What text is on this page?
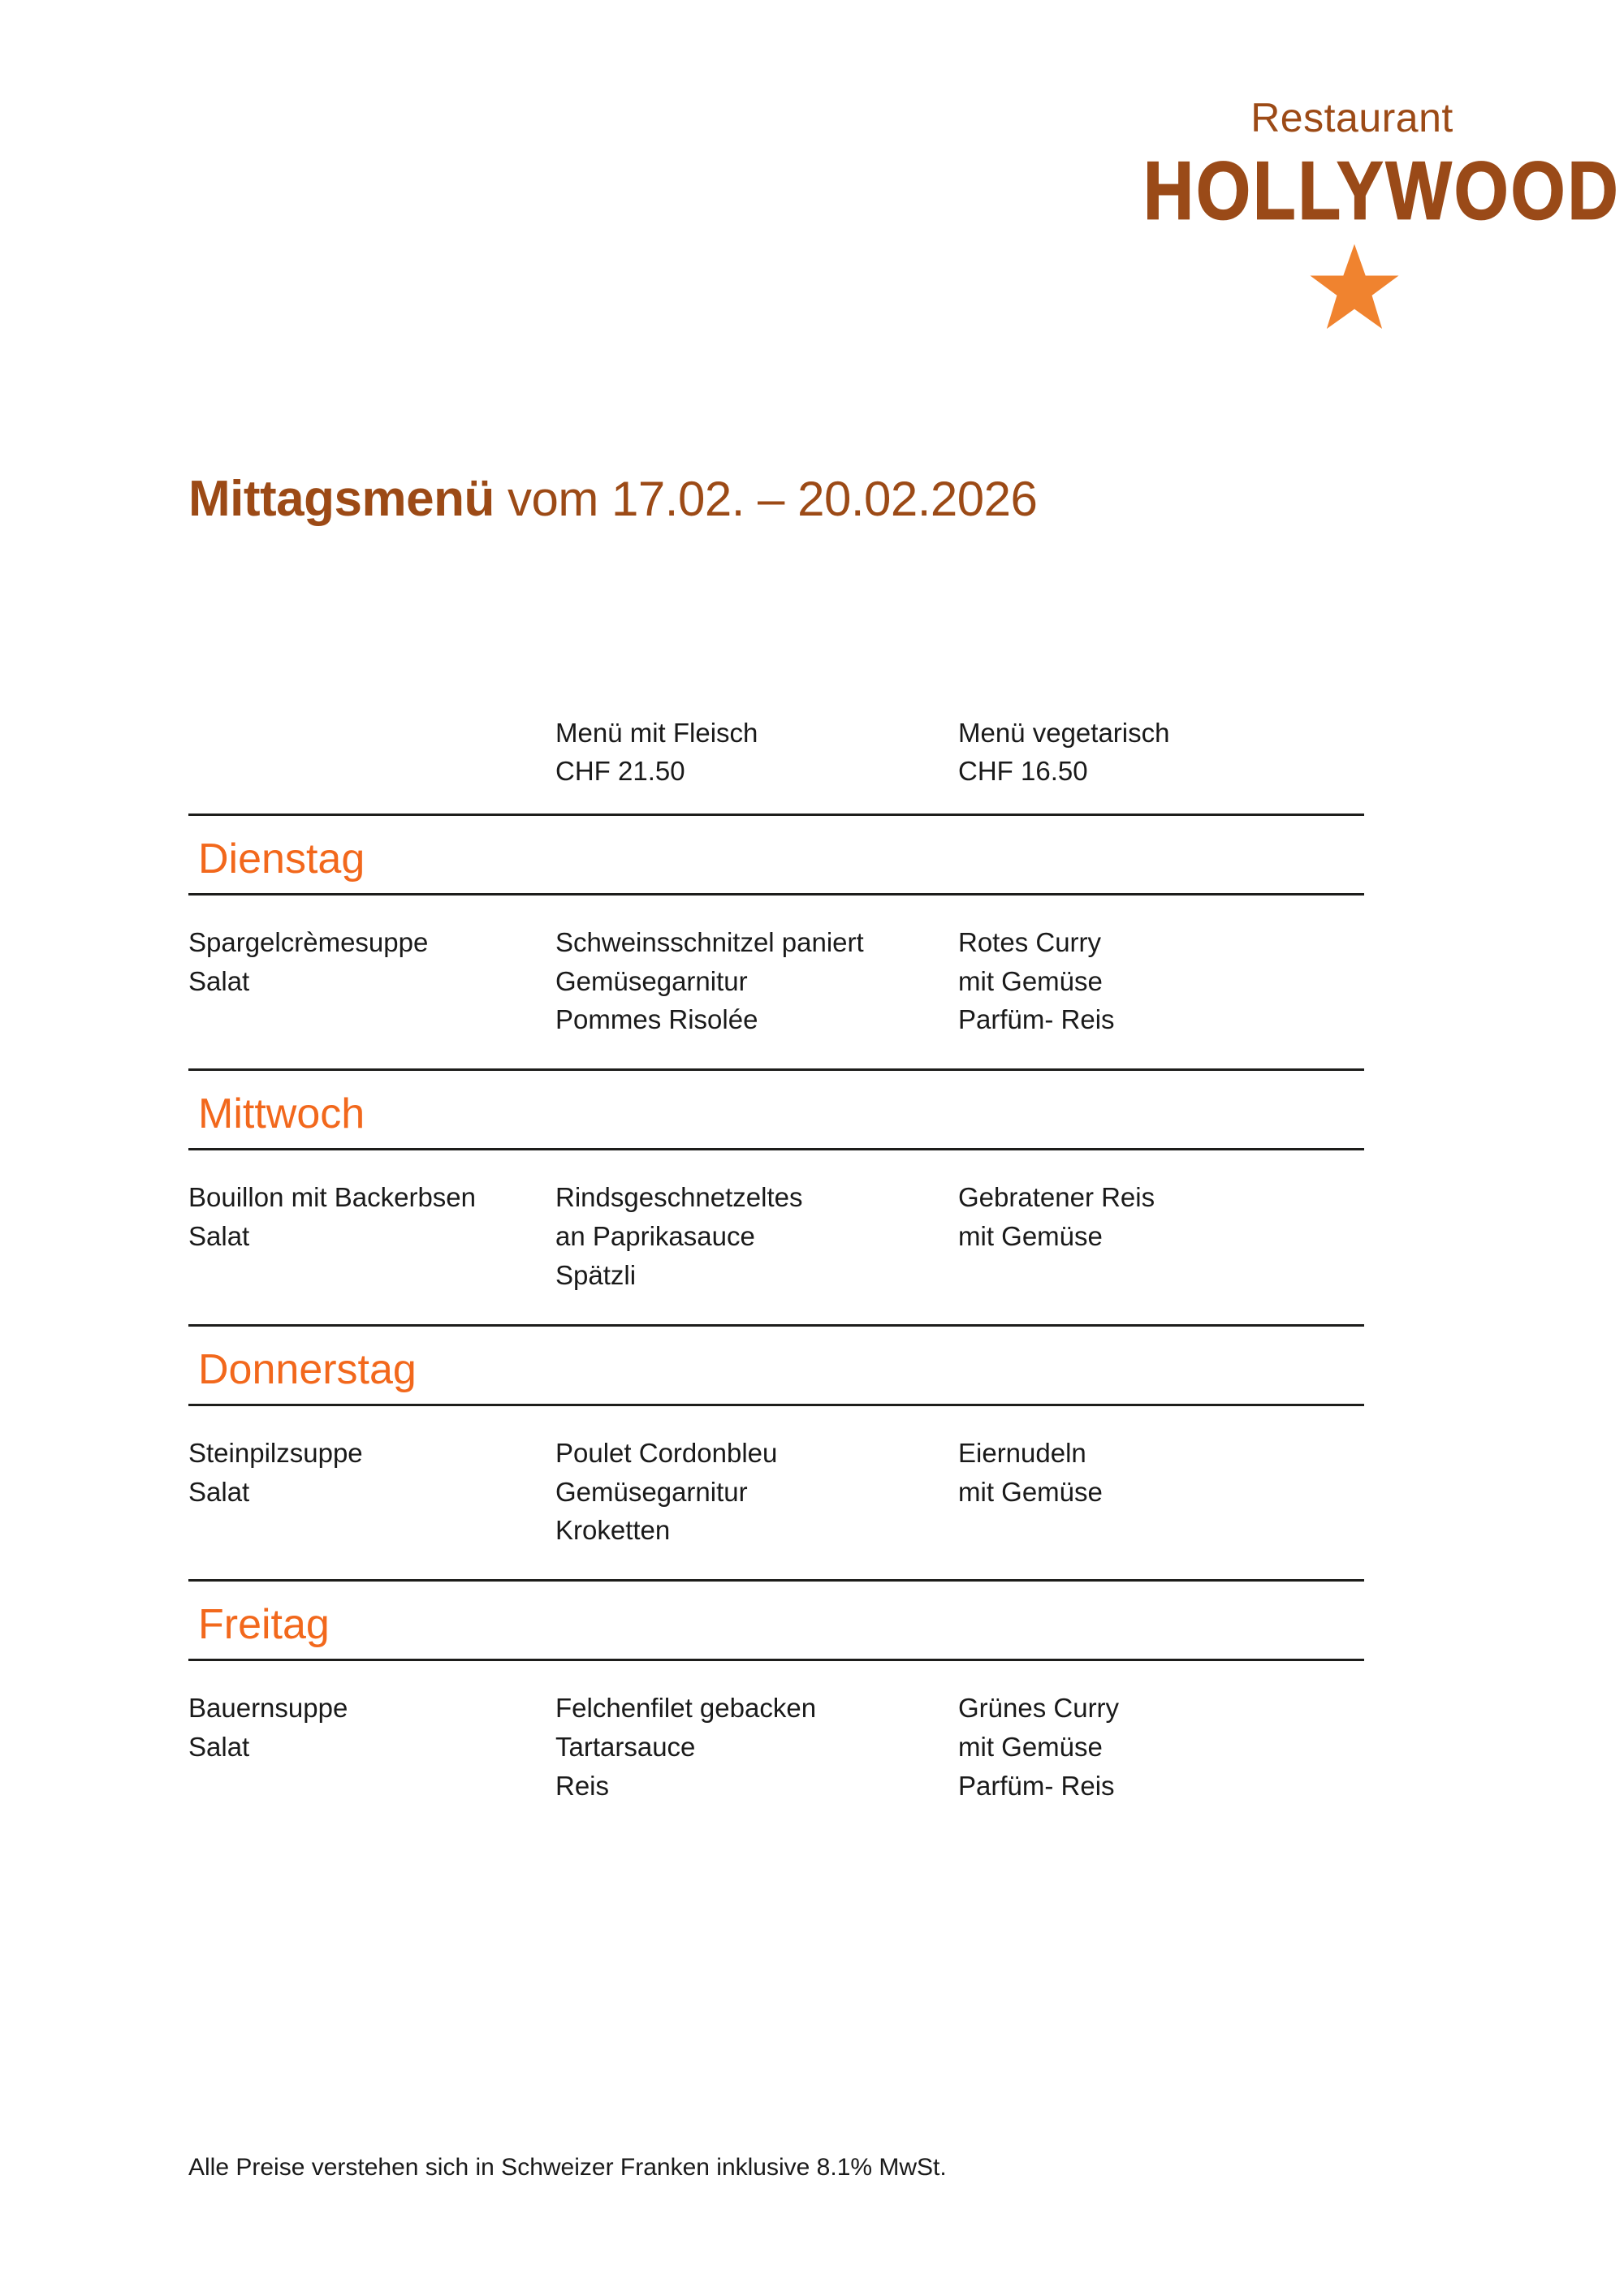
Restaurant
HOLLYWOOD
Mittagsmenü vom 17.02. – 20.02.2026
Menü mit Fleisch
CHF 21.50
Menü vegetarisch
CHF 16.50
Dienstag
Spargelcrèmesuppe
Salat
Schweinsschnitzel paniert
Gemüsegarnitur
Pommes Risolée
Rotes Curry
mit Gemüse
Parfüm- Reis
Mittwoch
Bouillon mit Backerbsen
Salat
Rindsgeschnetzeltes
an Paprikasauce
Spätzli
Gebratener Reis
mit Gemüse
Donnerstag
Steinpilzsuppe
Salat
Poulet Cordonbleu
Gemüsegarnitur
Kroketten
Eiernudeln
mit Gemüse
Freitag
Bauernsuppe
Salat
Felchenfilet gebacken
Tartarsauce
Reis
Grünes Curry
mit Gemüse
Parfüm- Reis
Alle Preise verstehen sich in Schweizer Franken inklusive 8.1% MwSt.
